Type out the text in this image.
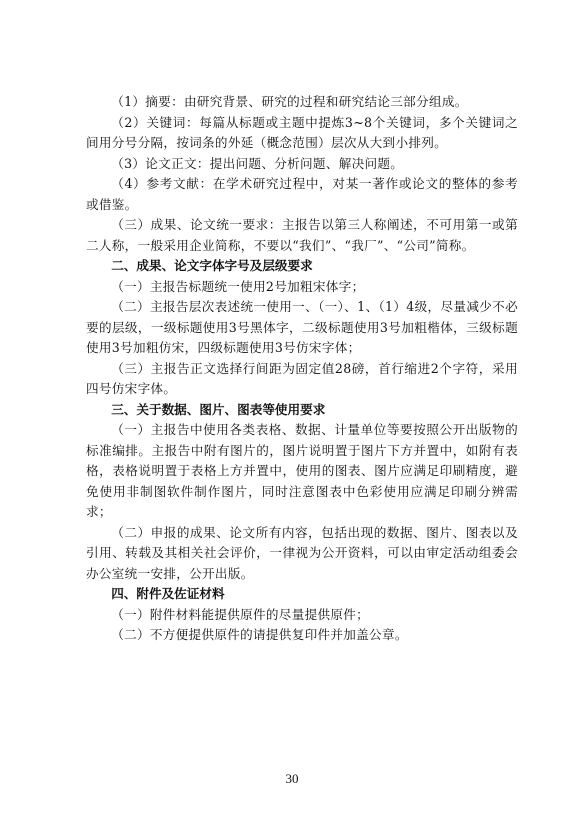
（1）摘要：由研究背景、研究的过程和研究结论三部分组成。

（2）关键词：每篇从标题或主题中提炼3~8个关键词，多个关键词之间用分号分隔，按词条的外延（概念范围）层次从大到小排列。

（3）论文正文：提出问题、分析问题、解决问题。

（4）参考文献：在学术研究过程中，对某一著作或论文的整体的参考或借鉴。

（三）成果、论文统一要求：主报告以第三人称阐述，不可用第一或第二人称，一般采用企业简称，不要以“我们”、“我厂”、“公司”简称。

二、成果、论文字体字号及层级要求

（一）主报告标题统一使用2号加粗宋体字；

（二）主报告层次表述统一使用一、（一）、1、（1）4级，尽量减少不必要的层级，一级标题使用3号黑体字，二级标题使用3号加粗楷体，三级标题使用3号加粗仿宋，四级标题使用3号仿宋字体；

（三）主报告正文选择行间距为固定值28磅，首行缩进2个字符，采用四号仿宋字体。

三、关于数据、图片、图表等使用要求

（一）主报告中使用各类表格、数据、计量单位等要按照公开出版物的标准编排。主报告中附有图片的，图片说明置于图片下方并置中，如附有表格，表格说明置于表格上方并置中，使用的图表、图片应满足印刷精度，避免使用非制图软件制作图片，同时注意图表中色彩使用应满足印刷分辨需求；

（二）申报的成果、论文所有内容，包括出现的数据、图片、图表以及引用、转载及其相关社会评价，一律视为公开资料，可以由审定活动组委会办公室统一安排，公开出版。

四、附件及佐证材料

（一）附件材料能提供原件的尽量提供原件；

（二）不方便提供原件的请提供复印件并加盖公章。

30
